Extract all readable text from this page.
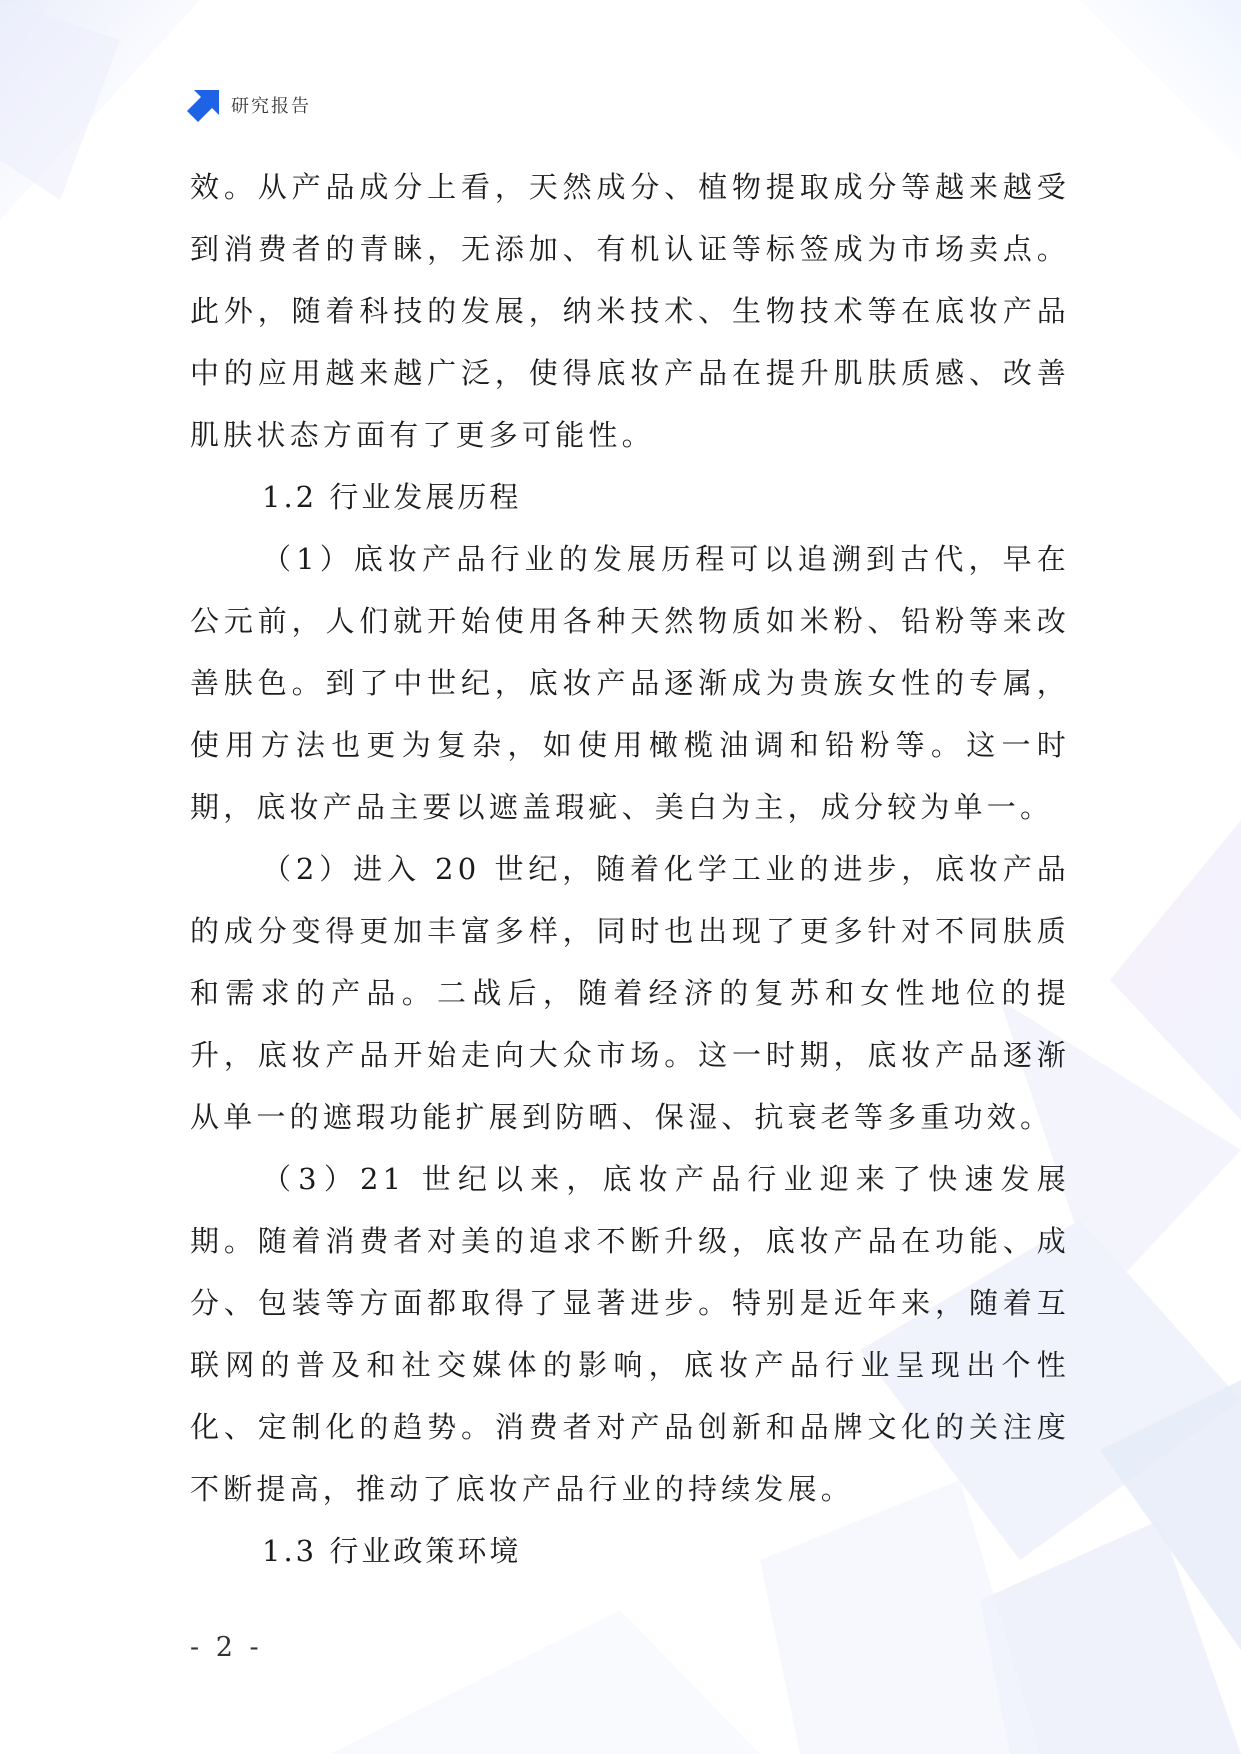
研究报告

效。从产品成分上看，天然成分、植物提取成分等越来越受到消费者的青睐，无添加、有机认证等标签成为市场卖点。此外，随着科技的发展，纳米技术、生物技术等在底妆产品中的应用越来越广泛，使得底妆产品在提升肌肤质感、改善肌肤状态方面有了更多可能性。

1.2 行业发展历程

（1）底妆产品行业的发展历程可以追溯到古代，早在公元前，人们就开始使用各种天然物质如米粉、铅粉等来改善肤色。到了中世纪，底妆产品逐渐成为贵族女性的专属，使用方法也更为复杂，如使用橄榄油调和铅粉等。这一时期，底妆产品主要以遮盖瑕疵、美白为主，成分较为单一。

（2）进入 20 世纪，随着化学工业的进步，底妆产品的成分变得更加丰富多样，同时也出现了更多针对不同肤质和需求的产品。二战后，随着经济的复苏和女性地位的提升，底妆产品开始走向大众市场。这一时期，底妆产品逐渐从单一的遮瑕功能扩展到防晒、保湿、抗衰老等多重功效。

（3）21 世纪以来，底妆产品行业迎来了快速发展期。随着消费者对美的追求不断升级，底妆产品在功能、成分、包装等方面都取得了显著进步。特别是近年来，随着互联网的普及和社交媒体的影响，底妆产品行业呈现出个性化、定制化的趋势。消费者对产品创新和品牌文化的关注度不断提高，推动了底妆产品行业的持续发展。

1.3 行业政策环境

- 2 -
